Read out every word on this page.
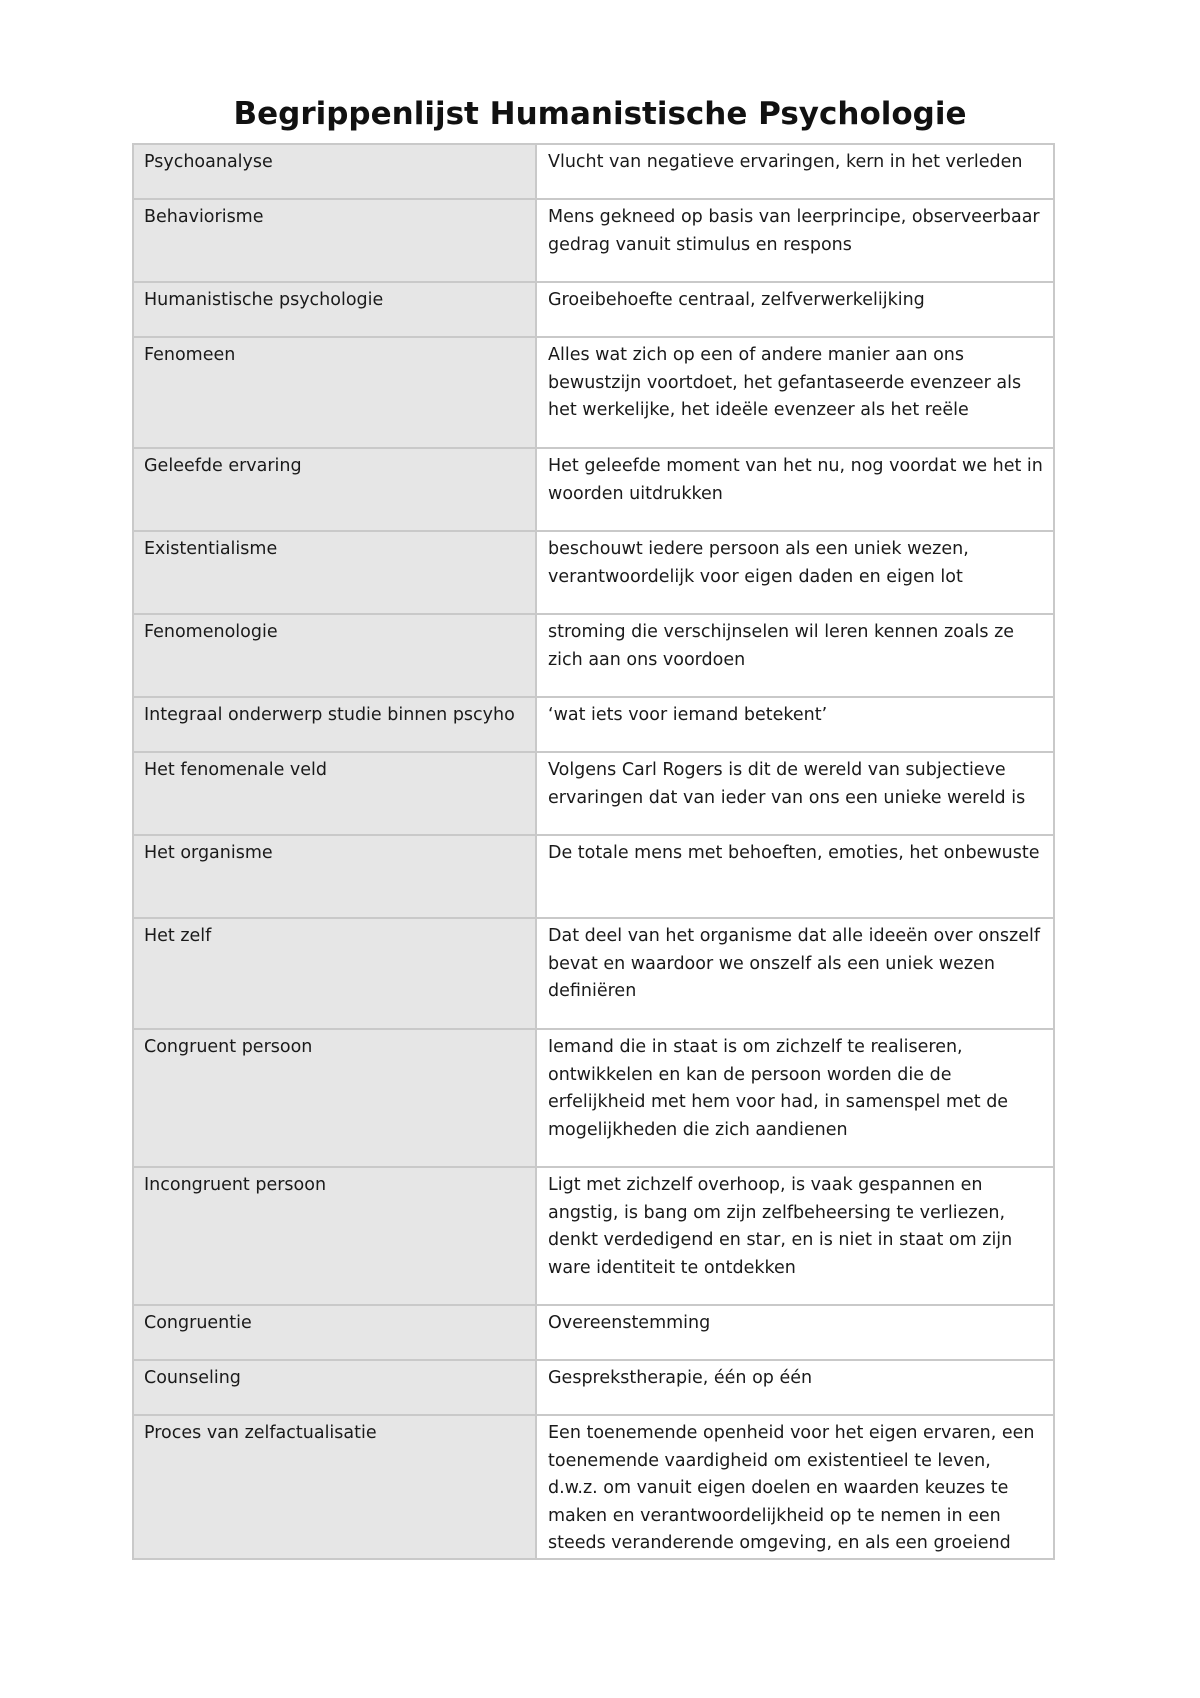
Begrippenlijst Humanistische Psychologie
Psychoanalyse	Vlucht van negatieve ervaringen, kern in het verleden
Behaviorisme	Mens gekneed op basis van leerprincipe, observeerbaar gedrag vanuit stimulus en respons
Humanistische psychologie	Groeibehoefte centraal, zelfverwerkelijking
Fenomeen	Alles wat zich op een of andere manier aan ons bewustzijn voortdoet, het gefantaseerde evenzeer als het werkelijke, het ideële evenzeer als het reële
Geleefde ervaring	Het geleefde moment van het nu, nog voordat we het in woorden uitdrukken
Existentialisme	beschouwt iedere persoon als een uniek wezen, verantwoordelijk voor eigen daden en eigen lot
Fenomenologie	stroming die verschijnselen wil leren kennen zoals ze zich aan ons voordoen
Integraal onderwerp studie binnen pscyho	‘wat iets voor iemand betekent’
Het fenomenale veld	Volgens Carl Rogers is dit de wereld van subjectieve ervaringen dat van ieder van ons een unieke wereld is
Het organisme	De totale mens met behoeften, emoties, het onbewuste
Het zelf	Dat deel van het organisme dat alle ideeën over onszelf bevat en waardoor we onszelf als een uniek wezen definiëren
Congruent persoon	Iemand die in staat is om zichzelf te realiseren, ontwikkelen en kan de persoon worden die de erfelijkheid met hem voor had, in samenspel met de mogelijkheden die zich aandienen
Incongruent persoon	Ligt met zichzelf overhoop, is vaak gespannen en angstig, is bang om zijn zelfbeheersing te verliezen, denkt verdedigend en star, en is niet in staat om zijn ware identiteit te ontdekken
Congruentie	Overeenstemming
Counseling	Gesprekstherapie, één op één
Proces van zelfactualisatie	Een toenemende openheid voor het eigen ervaren, een toenemende vaardigheid om existentieel te leven, d.w.z. om vanuit eigen doelen en waarden keuzes te maken en verantwoordelijkheid op te nemen in een steeds veranderende omgeving, en als een groeiend
